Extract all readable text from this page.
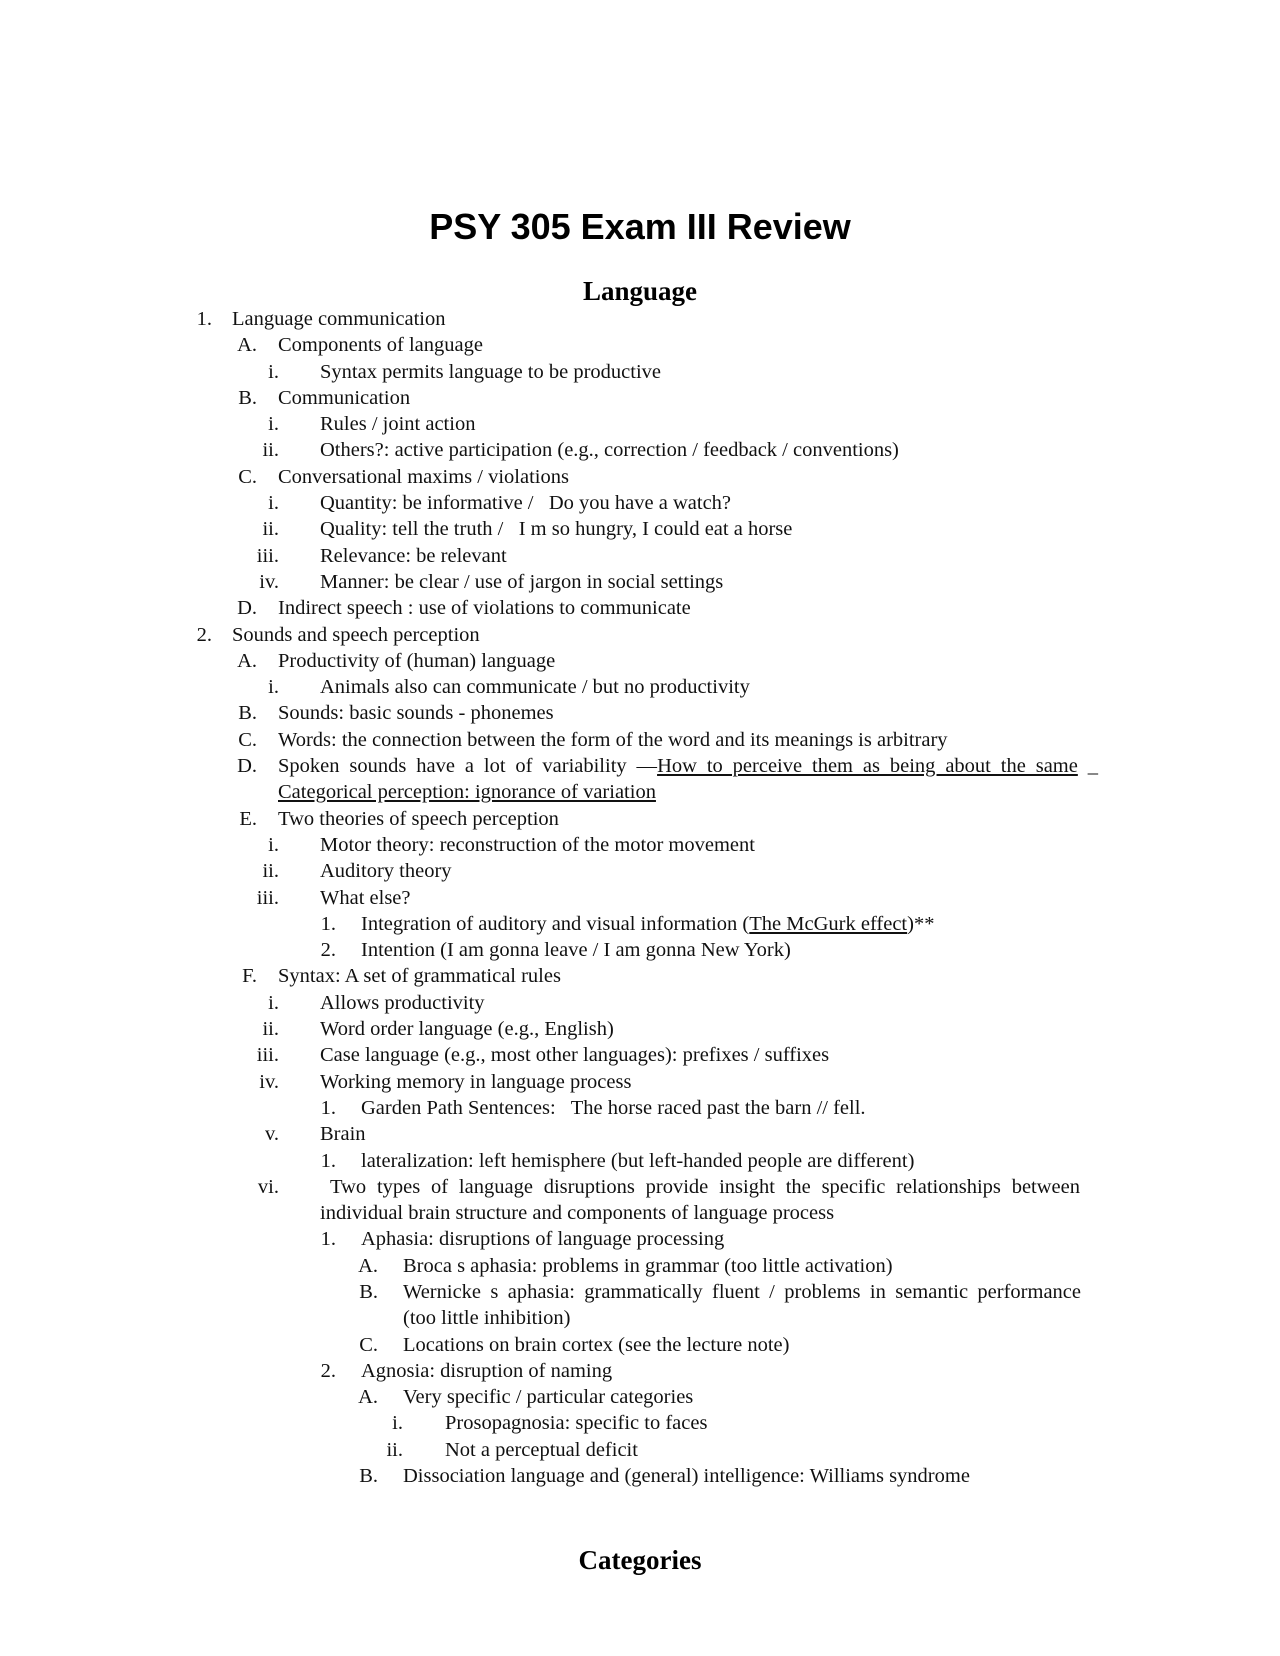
PSY 305 Exam III Review
Language
1. Language communication
A. Components of language
i. Syntax permits language to be productive
B. Communication
i. Rules / joint action
ii. Others?: active participation (e.g., correction / feedback / conventions)
C. Conversational maxims / violations
i. Quantity: be informative /   Do you have a watch?
ii. Quality: tell the truth /   I m so hungry, I could eat a horse
iii. Relevance: be relevant
iv. Manner: be clear / use of jargon in social settings
D. Indirect speech : use of violations to communicate
2. Sounds and speech perception
A. Productivity of (human) language
i. Animals also can communicate / but no productivity
B. Sounds: basic sounds - phonemes
C. Words: the connection between the form of the word and its meanings is arbitrary
D. Spoken sounds have a lot of variability —How to perceive them as being about the same _ Categorical perception: ignorance of variation
E. Two theories of speech perception
i. Motor theory: reconstruction of the motor movement
ii. Auditory theory
iii. What else?
1. Integration of auditory and visual information (The McGurk effect)**
2. Intention (I am gonna leave / I am gonna New York)
F. Syntax: A set of grammatical rules
i. Allows productivity
ii. Word order language (e.g., English)
iii. Case language (e.g., most other languages): prefixes / suffixes
iv. Working memory in language process
1. Garden Path Sentences:   The horse raced past the barn // fell.
v. Brain
1. lateralization: left hemisphere (but left-handed people are different)
vi.	Two types of language disruptions provide insight the specific relationships between individual brain structure and components of language process
1. Aphasia: disruptions of language processing
A. Broca s aphasia: problems in grammar (too little activation)
B. Wernicke s aphasia: grammatically fluent / problems in semantic performance (too little inhibition)
C. Locations on brain cortex (see the lecture note)
2. Agnosia: disruption of naming
A. Very specific / particular categories
i. Prosopagnosia: specific to faces
ii. Not a perceptual deficit
B. Dissociation language and (general) intelligence: Williams syndrome
Categories
